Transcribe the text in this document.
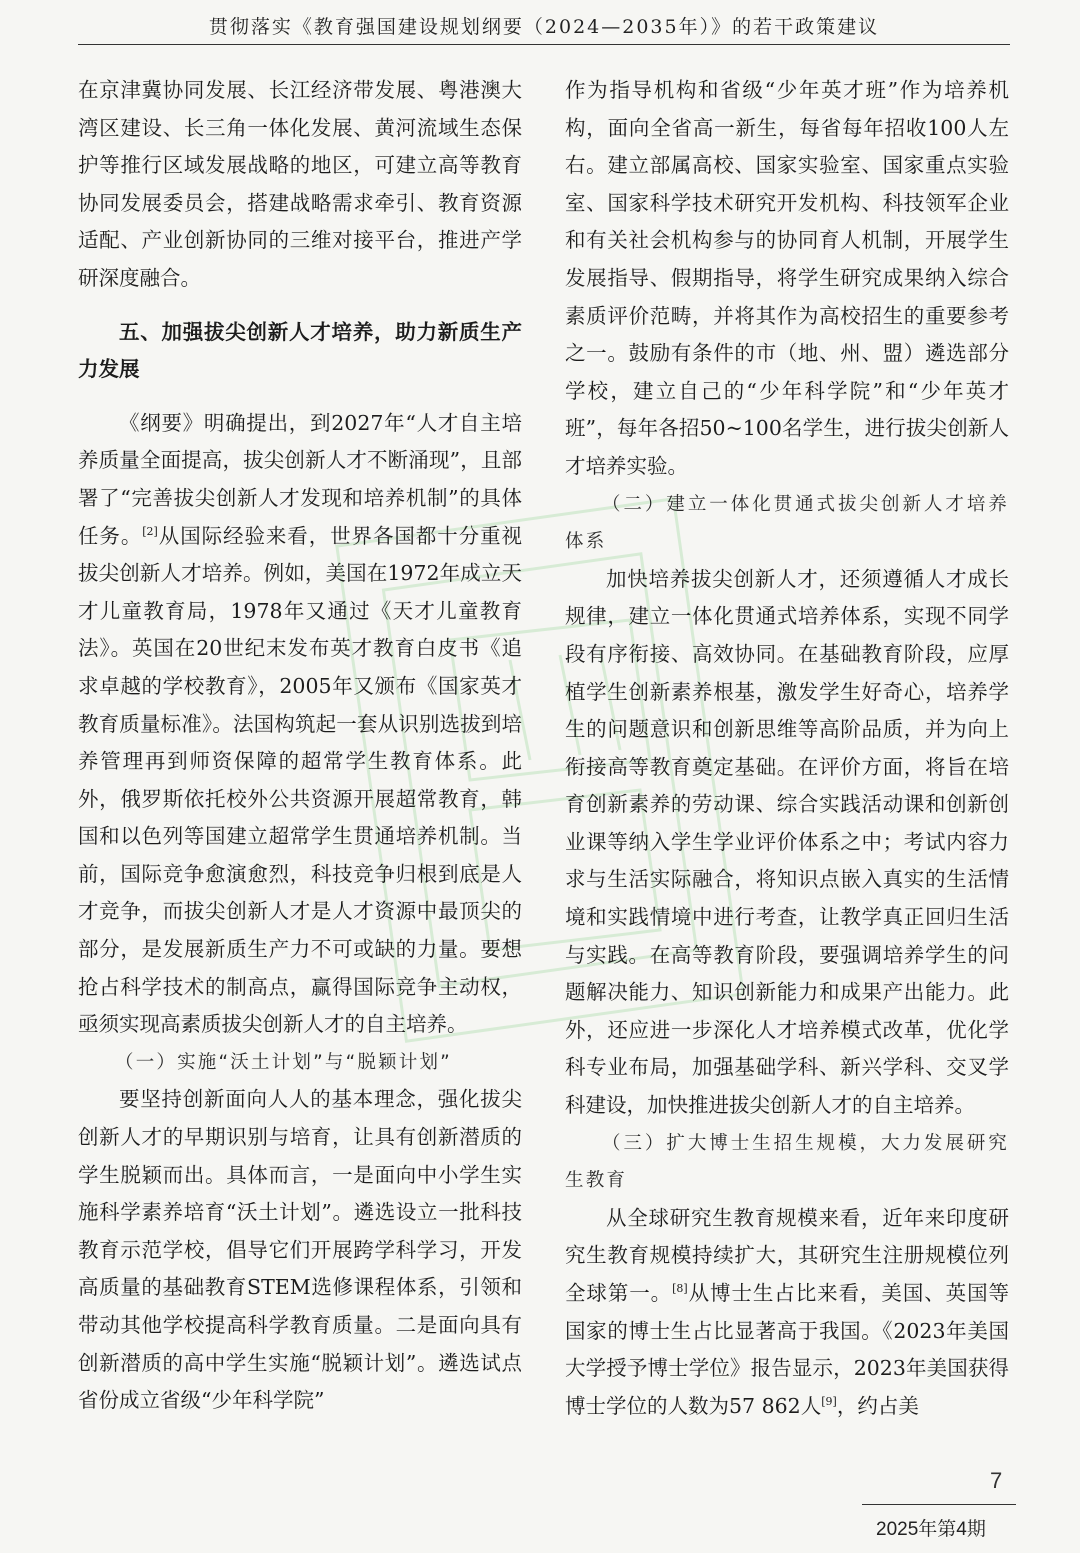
贯彻落实《教育强国建设规划纲要（2024—2035年）》的若干政策建议

在京津冀协同发展、长江经济带发展、粤港澳大湾区建设、长三角一体化发展、黄河流域生态保护等推行区域发展战略的地区，可建立高等教育协同发展委员会，搭建战略需求牵引、教育资源适配、产业创新协同的三维对接平台，推进产学研深度融合。

五、加强拔尖创新人才培养，助力新质生产力发展

《纲要》明确提出，到2027年“人才自主培养质量全面提高，拔尖创新人才不断涌现”，且部署了“完善拔尖创新人才发现和培养机制”的具体任务。[2]从国际经验来看，世界各国都十分重视拔尖创新人才培养。例如，美国在1972年成立天才儿童教育局，1978年又通过《天才儿童教育法》。英国在20世纪末发布英才教育白皮书《追求卓越的学校教育》，2005年又颁布《国家英才教育质量标准》。法国构筑起一套从识别选拔到培养管理再到师资保障的超常学生教育体系。此外，俄罗斯依托校外公共资源开展超常教育，韩国和以色列等国建立超常学生贯通培养机制。当前，国际竞争愈演愈烈，科技竞争归根到底是人才竞争，而拔尖创新人才是人才资源中最顶尖的部分，是发展新质生产力不可或缺的力量。要想抢占科学技术的制高点，赢得国际竞争主动权，亟须实现高素质拔尖创新人才的自主培养。

（一）实施“沃土计划”与“脱颖计划”

要坚持创新面向人人的基本理念，强化拔尖创新人才的早期识别与培育，让具有创新潜质的学生脱颖而出。具体而言，一是面向中小学生实施科学素养培育“沃土计划”。遴选设立一批科技教育示范学校，倡导它们开展跨学科学习，开发高质量的基础教育STEM选修课程体系，引领和带动其他学校提高科学教育质量。二是面向具有创新潜质的高中学生实施“脱颖计划”。遴选试点省份成立省级“少年科学院”

作为指导机构和省级“少年英才班”作为培养机构，面向全省高一新生，每省每年招收100人左右。建立部属高校、国家实验室、国家重点实验室、国家科学技术研究开发机构、科技领军企业和有关社会机构参与的协同育人机制，开展学生发展指导、假期指导，将学生研究成果纳入综合素质评价范畴，并将其作为高校招生的重要参考之一。鼓励有条件的市（地、州、盟）遴选部分学校，建立自己的“少年科学院”和“少年英才班”，每年各招50~100名学生，进行拔尖创新人才培养实验。

（二）建立一体化贯通式拔尖创新人才培养体系

加快培养拔尖创新人才，还须遵循人才成长规律，建立一体化贯通式培养体系，实现不同学段有序衔接、高效协同。在基础教育阶段，应厚植学生创新素养根基，激发学生好奇心，培养学生的问题意识和创新思维等高阶品质，并为向上衔接高等教育奠定基础。在评价方面，将旨在培育创新素养的劳动课、综合实践活动课和创新创业课等纳入学生学业评价体系之中；考试内容力求与生活实际融合，将知识点嵌入真实的生活情境和实践情境中进行考查，让教学真正回归生活与实践。在高等教育阶段，要强调培养学生的问题解决能力、知识创新能力和成果产出能力。此外，还应进一步深化人才培养模式改革，优化学科专业布局，加强基础学科、新兴学科、交叉学科建设，加快推进拔尖创新人才的自主培养。

（三）扩大博士生招生规模，大力发展研究生教育

从全球研究生教育规模来看，近年来印度研究生教育规模持续扩大，其研究生注册规模位列全球第一。[8]从博士生占比来看，美国、英国等国家的博士生占比显著高于我国。《2023年美国大学授予博士学位》报告显示，2023年美国获得博士学位的人数为57 862人[9]，约占美

7
2025年第4期
